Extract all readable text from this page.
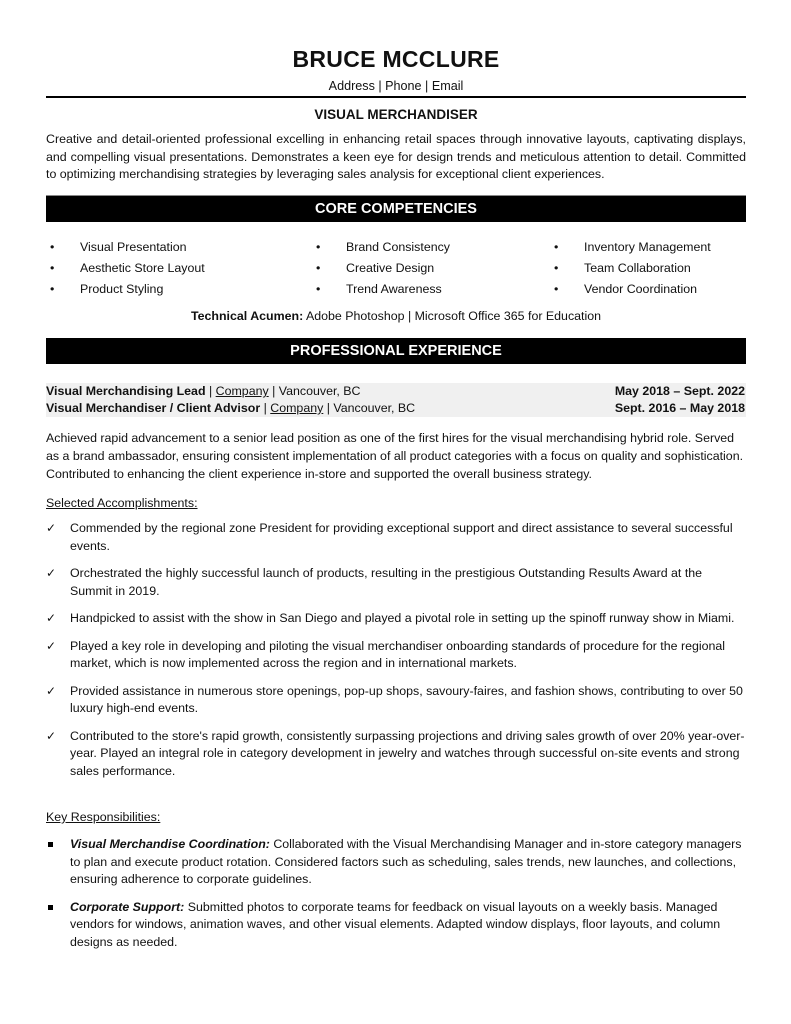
BRUCE MCCLURE
Address | Phone | Email
VISUAL MERCHANDISER
Creative and detail-oriented professional excelling in enhancing retail spaces through innovative layouts, captivating displays, and compelling visual presentations. Demonstrates a keen eye for design trends and meticulous attention to detail. Committed to optimizing merchandising strategies by leveraging sales analysis for exceptional client experiences.
CORE COMPETENCIES
• Visual Presentation
• Aesthetic Store Layout
• Product Styling
• Brand Consistency
• Creative Design
• Trend Awareness
• Inventory Management
• Team Collaboration
• Vendor Coordination
Technical Acumen: Adobe Photoshop | Microsoft Office 365 for Education
PROFESSIONAL EXPERIENCE
Visual Merchandising Lead | Company | Vancouver, BC	May 2018 – Sept. 2022
Visual Merchandiser / Client Advisor | Company | Vancouver, BC	Sept. 2016 – May 2018
Achieved rapid advancement to a senior lead position as one of the first hires for the visual merchandising hybrid role. Served as a brand ambassador, ensuring consistent implementation of all product categories with a focus on quality and sophistication. Contributed to enhancing the client experience in-store and supported the overall business strategy.
Selected Accomplishments:
✓ Commended by the regional zone President for providing exceptional support and direct assistance to several successful events.
✓ Orchestrated the highly successful launch of products, resulting in the prestigious Outstanding Results Award at the Summit in 2019.
✓ Handpicked to assist with the show in San Diego and played a pivotal role in setting up the spinoff runway show in Miami.
✓ Played a key role in developing and piloting the visual merchandiser onboarding standards of procedure for the regional market, which is now implemented across the region and in international markets.
✓ Provided assistance in numerous store openings, pop-up shops, savoury-faires, and fashion shows, contributing to over 50 luxury high-end events.
✓ Contributed to the store's rapid growth, consistently surpassing projections and driving sales growth of over 20% year-over-year. Played an integral role in category development in jewelry and watches through successful on-site events and strong sales performance.
Key Responsibilities:
Visual Merchandise Coordination: Collaborated with the Visual Merchandising Manager and in-store category managers to plan and execute product rotation. Considered factors such as scheduling, sales trends, new launches, and collections, ensuring adherence to corporate guidelines.
Corporate Support: Submitted photos to corporate teams for feedback on visual layouts on a weekly basis. Managed vendors for windows, animation waves, and other visual elements. Adapted window displays, floor layouts, and column designs as needed.
